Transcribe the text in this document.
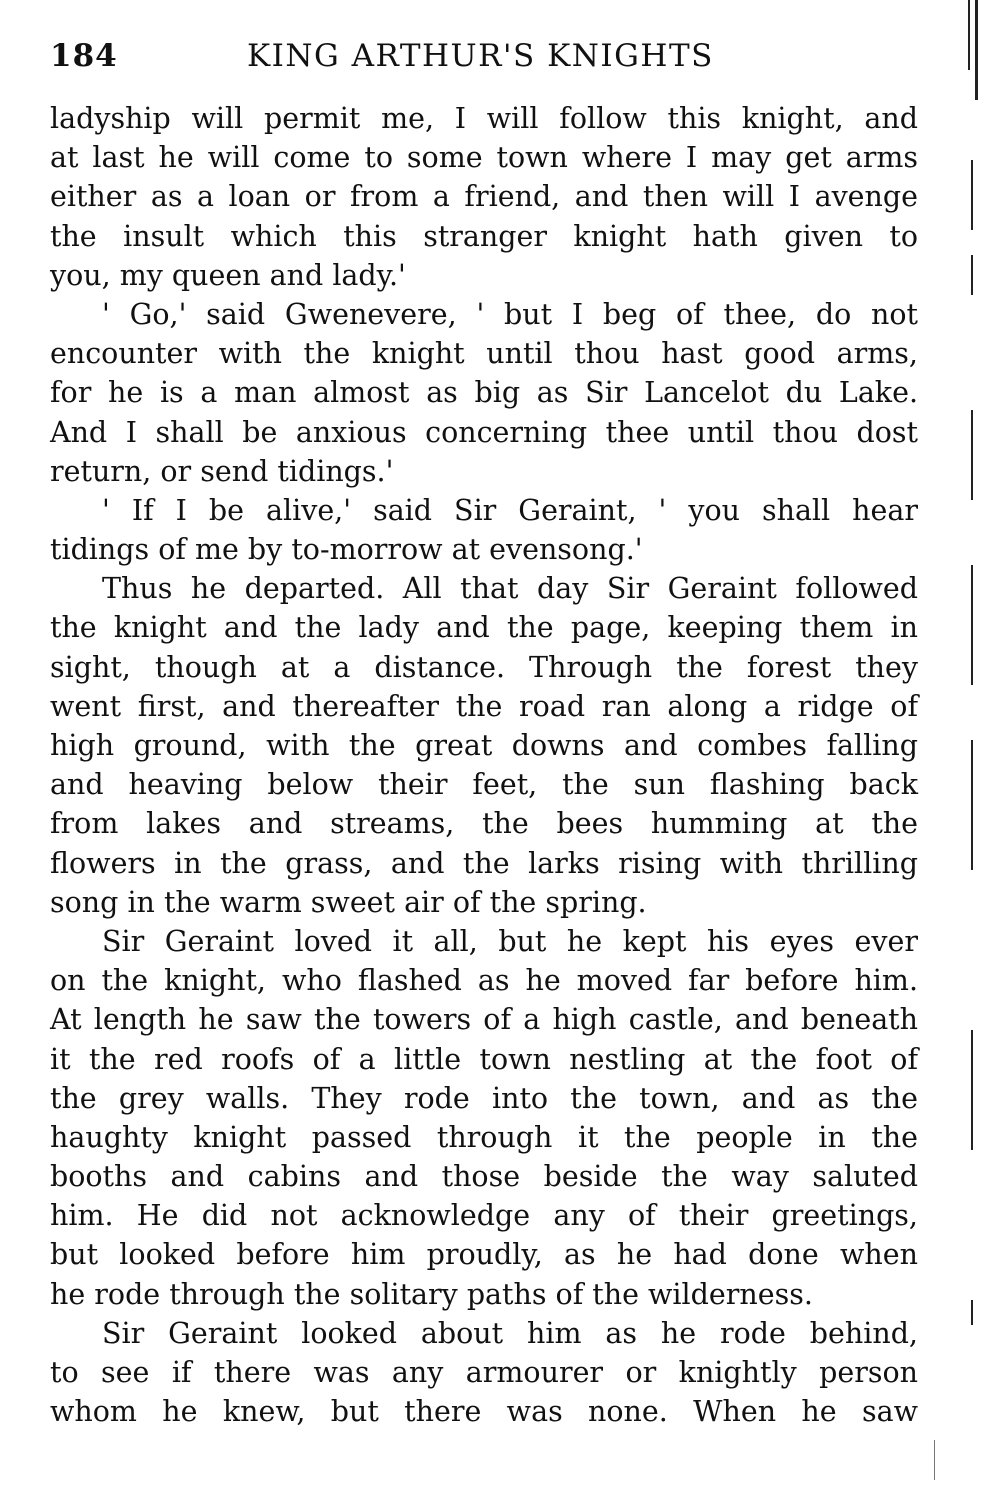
184	KING ARTHUR'S KNIGHTS
ladyship will permit me, I will follow this knight, and
at last he will come to some town where I may get arms
either as a loan or from a friend, and then will I avenge
the insult which this stranger knight hath given to
you, my queen and lady.'
' Go,' said Gwenevere, ' but I beg of thee, do not
encounter with the knight until thou hast good arms,
for he is a man almost as big as Sir Lancelot du Lake.
And I shall be anxious concerning thee until thou dost
return, or send tidings.'
' If I be alive,' said Sir Geraint, ' you shall hear
tidings of me by to-morrow at evensong.'
Thus he departed. All that day Sir Geraint followed
the knight and the lady and the page, keeping them in
sight, though at a distance. Through the forest they
went first, and thereafter the road ran along a ridge of
high ground, with the great downs and combes falling
and heaving below their feet, the sun flashing back
from lakes and streams, the bees humming at the
flowers in the grass, and the larks rising with thrilling
song in the warm sweet air of the spring.
Sir Geraint loved it all, but he kept his eyes ever
on the knight, who flashed as he moved far before him.
At length he saw the towers of a high castle, and beneath
it the red roofs of a little town nestling at the foot of
the grey walls. They rode into the town, and as the
haughty knight passed through it the people in the
booths and cabins and those beside the way saluted
him. He did not acknowledge any of their greetings,
but looked before him proudly, as he had done when
he rode through the solitary paths of the wilderness.
Sir Geraint looked about him as he rode behind,
to see if there was any armourer or knightly person
whom he knew, but there was none. When he saw
